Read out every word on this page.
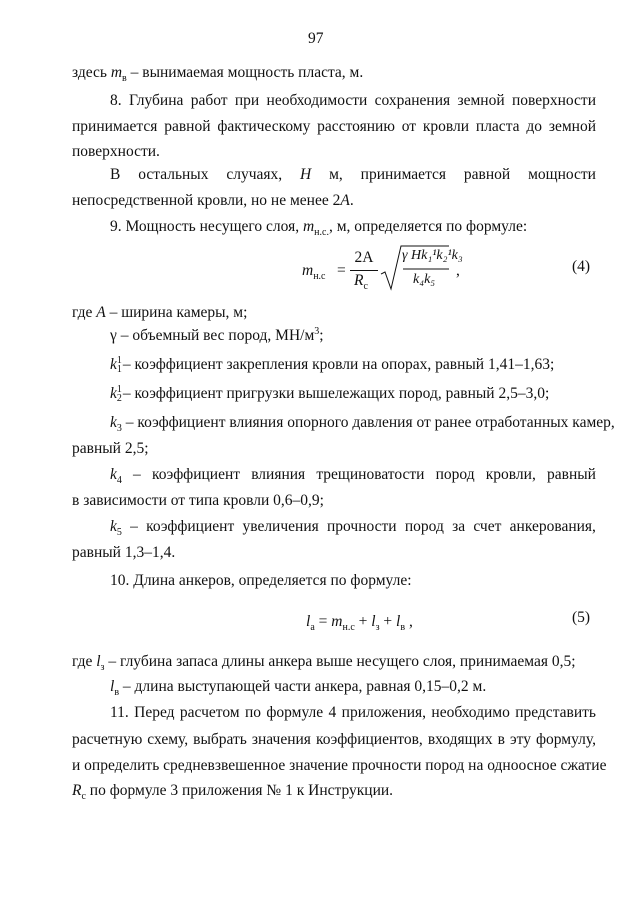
97
здесь $m_в$ – вынимаемая мощность пласта, м.
8. Глубина работ при необходимости сохранения земной поверхности
принимается равной фактическому расстоянию от кровли пласта до земной
поверхности.
В остальных случаях, H м, принимается равной мощности
непосредственной кровли, но не менее 2A.
9. Мощность несущего слоя, $m_{н.с.}$, м, определяется по формуле:
$m_{н.с}$ =
2A
$R_c$
γ Hk₁¹k₂¹k₃
k₄k₅
,	(4)
где A – ширина камеры, м;
γ – объемный вес пород, $МН/м^3$;
k1
1– коэффициент закрепления кровли на опорах, равный 1,41–1,63;
k1
2– коэффициент пригрузки вышележащих пород, равный 2,5–3,0;
$k_3$ – коэффициент влияния опорного давления от ранее отработанных камер,
равный 2,5;
$k_4$ – коэффициент влияния трещиноватости пород кровли, равный
в зависимости от типа кровли 0,6–0,9;
$k_5$ – коэффициент увеличения прочности пород за счет анкерования,
равный 1,3–1,4.
10. Длина анкеров, определяется по формуле:
$l_a = m_{н.с} + l_з + l_в$ ,	(5)
где $l_з$ – глубина запаса длины анкера выше несущего слоя, принимаемая 0,5;
$l_в$ – длина выступающей части анкера, равная 0,15–0,2 м.
11. Перед расчетом по формуле 4 приложения, необходимо представить
расчетную схему, выбрать значения коэффициентов, входящих в эту формулу,
и определить средневзвешенное значение прочности пород на одноосное сжатие
$R_c$ по формуле 3 приложения № 1 к Инструкции.
